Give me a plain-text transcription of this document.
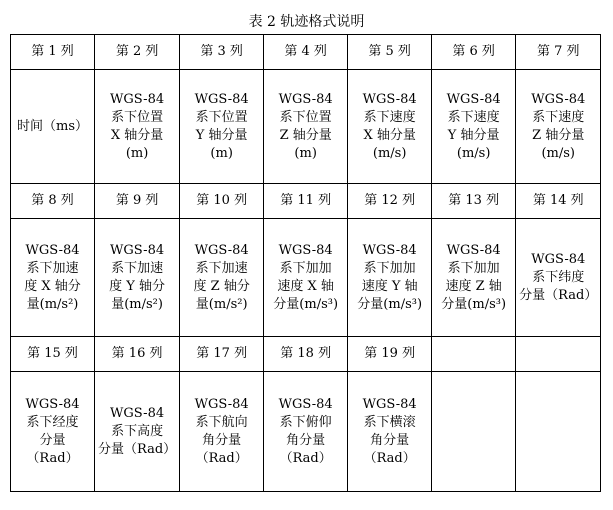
表 2 轨迹格式说明
第 1 列	第 2 列	第 3 列	第 4 列	第 5 列	第 6 列	第 7 列

时间（ms）	WGS-84
系下位置
X 轴分量
(m)	WGS-84
系下位置
Y 轴分量
(m)	WGS-84
系下位置
Z 轴分量
(m)	WGS-84
系下速度
X 轴分量
(m/s)	WGS-84
系下速度
Y 轴分量
(m/s)	WGS-84
系下速度
Z 轴分量
(m/s)

第 8 列	第 9 列	第 10 列	第 11 列	第 12 列	第 13 列	第 14 列

WGS-84
系下加速
度 X 轴分
量(m/s²)	WGS-84
系下加速
度 Y 轴分
量(m/s²)	WGS-84
系下加速
度 Z 轴分
量(m/s²)	WGS-84
系下加加
速度 X 轴
分量(m/s³)	WGS-84
系下加加
速度 Y 轴
分量(m/s³)	WGS-84
系下加加
速度 Z 轴
分量(m/s³)	WGS-84
系下纬度
分量（Rad）

第 15 列	第 16 列	第 17 列	第 18 列	第 19 列		

WGS-84
系下经度
分量
（Rad）	WGS-84
系下高度
分量（Rad）	WGS-84
系下航向
角分量
（Rad）	WGS-84
系下俯仰
角分量
（Rad）	WGS-84
系下横滚
角分量
（Rad）		
